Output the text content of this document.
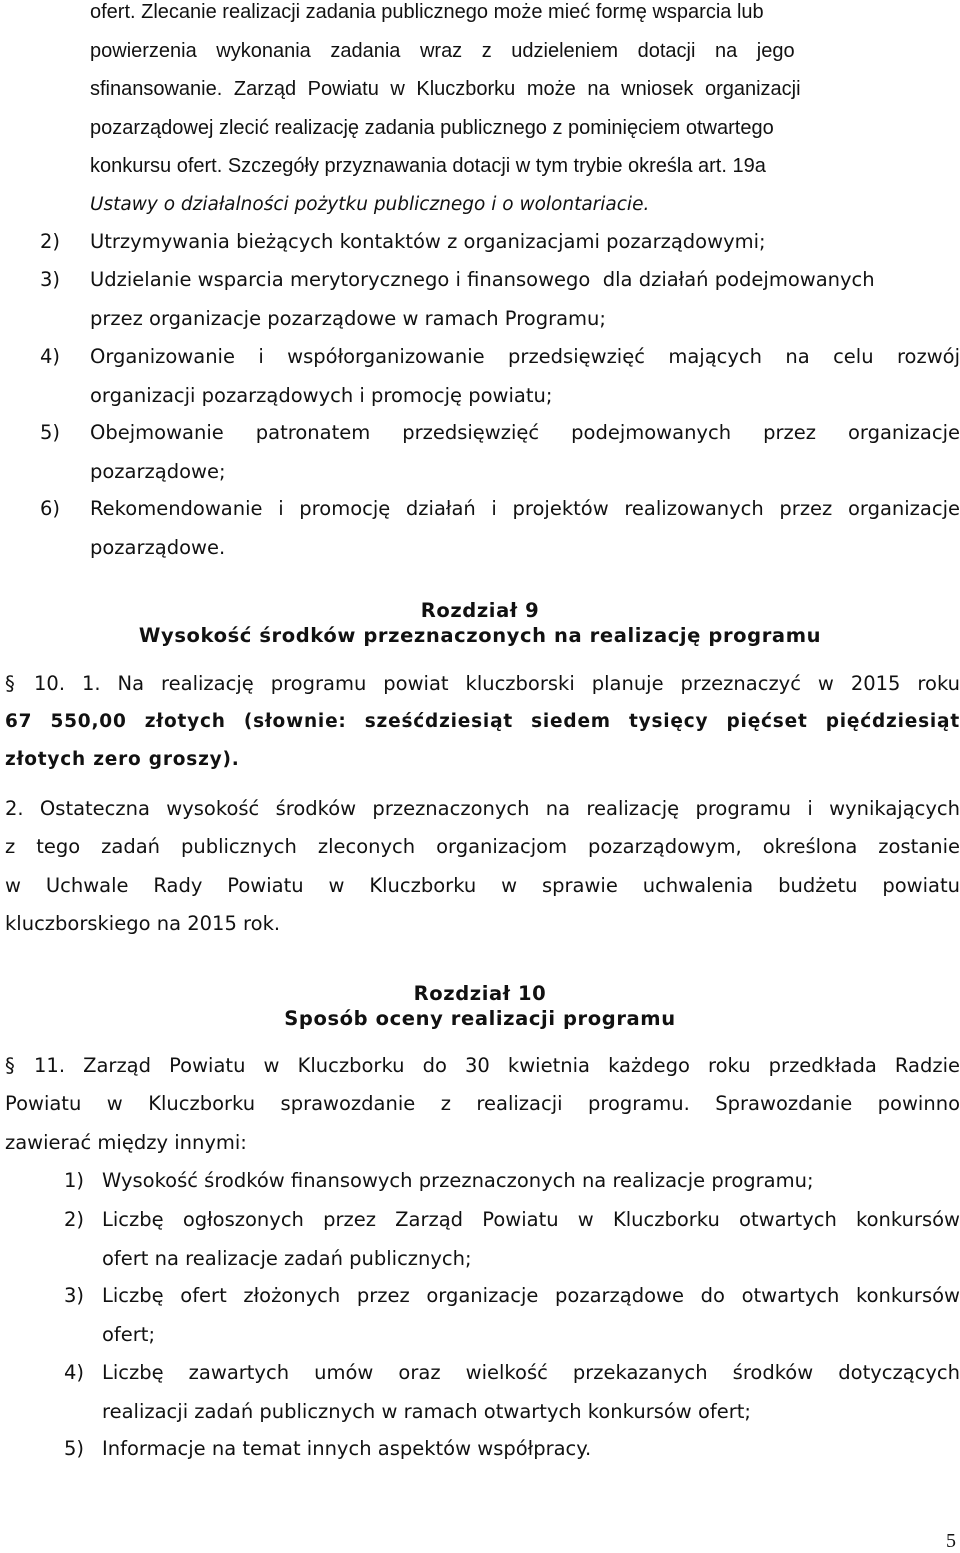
ofert. Zlecanie realizacji zadania publicznego może mieć formę wsparcia lub
powierzenia wykonania zadania wraz z udzieleniem dotacji na jego
sfinansowanie. Zarząd Powiatu w Kluczborku może na wniosek organizacji
pozarządowej zlecić realizację zadania publicznego z pominięciem otwartego
konkursu ofert. Szczegóły przyznawania dotacji w tym trybie określa art. 19a
Ustawy o działalności pożytku publicznego i o wolontariacie.
2) Utrzymywania bieżących kontaktów z organizacjami pozarządowymi;
3) Udzielanie wsparcia merytorycznego i finansowego  dla działań podejmowanych
przez organizacje pozarządowe w ramach Programu;
4) Organizowanie i współorganizowanie przedsięwzięć mających na celu rozwój
organizacji pozarządowych i promocję powiatu;
5) Obejmowanie patronatem przedsięwzięć podejmowanych przez organizacje
pozarządowe;
6) Rekomendowanie i promocję działań i projektów realizowanych przez organizacje
pozarządowe.
Rozdział 9
Wysokość środków przeznaczonych na realizację programu
§ 10. 1. Na realizację programu powiat kluczborski planuje przeznaczyć w 2015 roku
67 550,00 złotych (słownie: sześćdziesiąt siedem tysięcy pięćset pięćdziesiąt
złotych zero groszy).
2. Ostateczna wysokość środków przeznaczonych na realizację programu i wynikających
z tego zadań publicznych zleconych organizacjom pozarządowym, określona zostanie
w Uchwale Rady Powiatu w Kluczborku w sprawie uchwalenia budżetu powiatu
kluczborskiego na 2015 rok.
Rozdział 10
Sposób oceny realizacji programu
§ 11. Zarząd Powiatu w Kluczborku do 30 kwietnia każdego roku przedkłada Radzie
Powiatu w Kluczborku sprawozdanie z realizacji programu. Sprawozdanie powinno
zawierać między innymi:
1) Wysokość środków finansowych przeznaczonych na realizacje programu;
2) Liczbę ogłoszonych przez Zarząd Powiatu w Kluczborku otwartych konkursów
ofert na realizacje zadań publicznych;
3) Liczbę ofert złożonych przez organizacje pozarządowe do otwartych konkursów
ofert;
4) Liczbę zawartych umów oraz wielkość przekazanych środków dotyczących
realizacji zadań publicznych w ramach otwartych konkursów ofert;
5) Informacje na temat innych aspektów współpracy.
5
